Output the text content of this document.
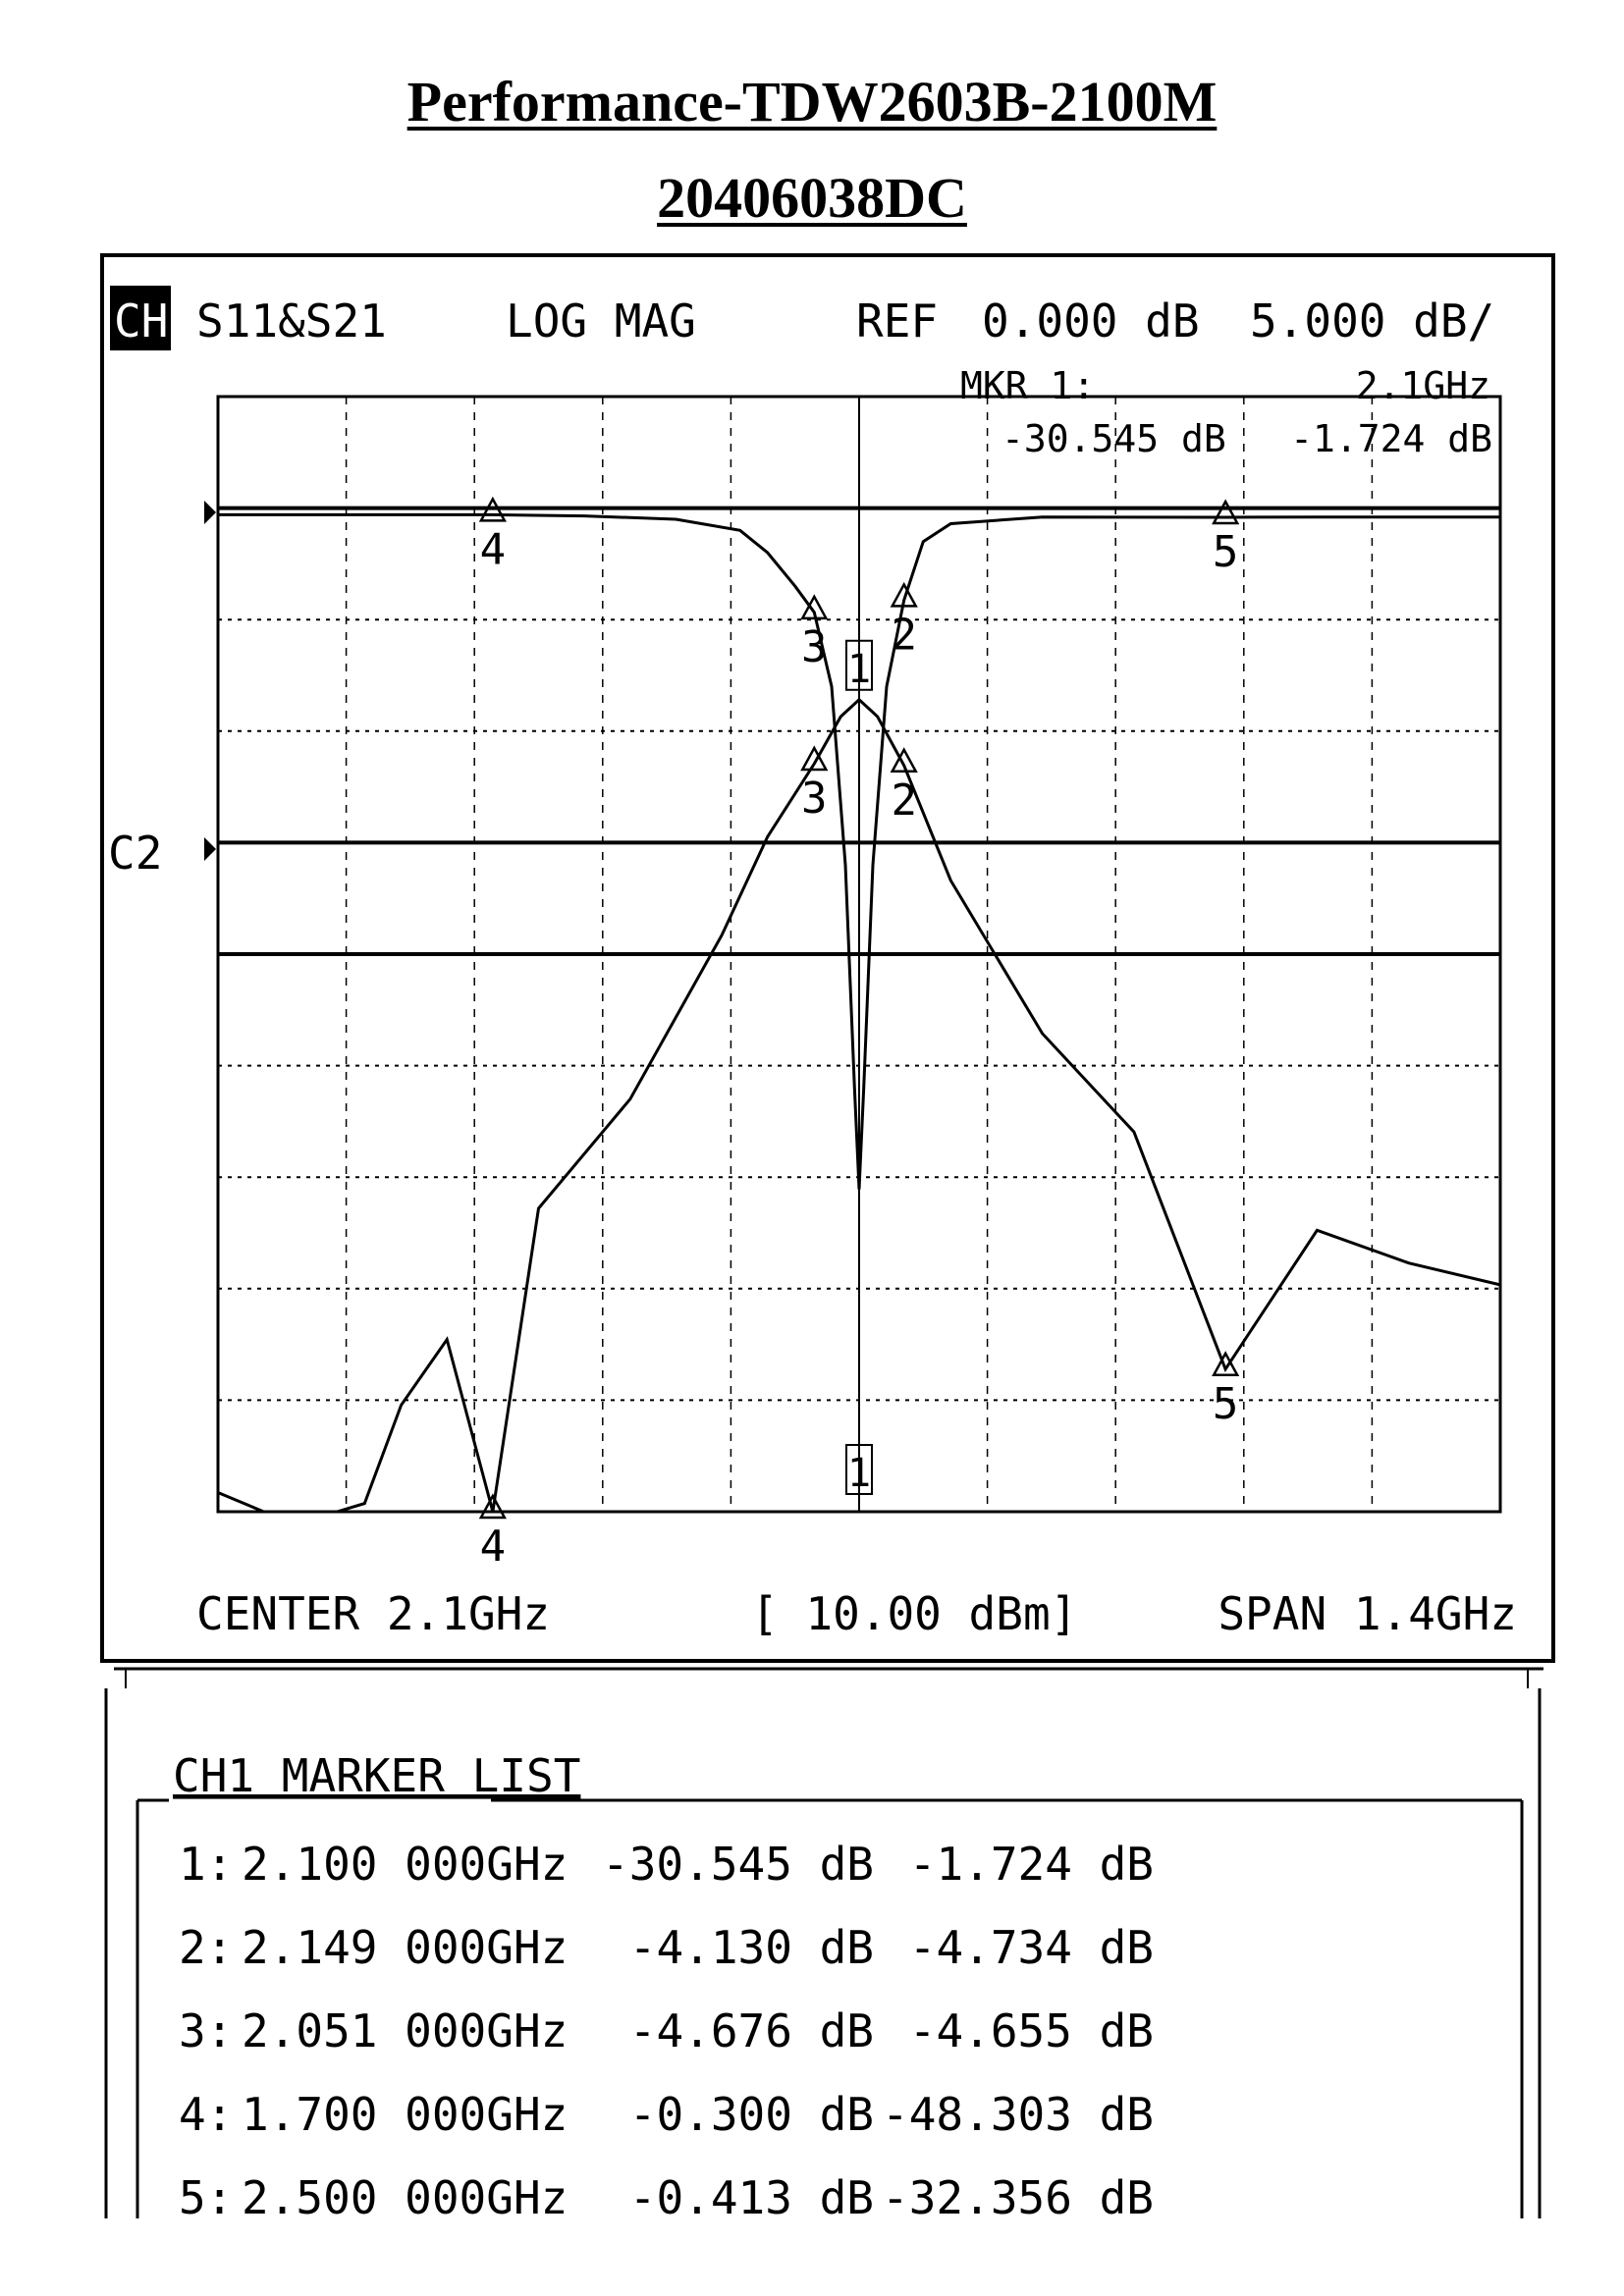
Performance-TDW2603B-2100M
20406038DC
CH1 S11&S21	LOG MAG	REF 0.000 dB 5.000 dB/
MKR 1:	2.1GHz
-30.545 dB -1.724 dB
C2
1
1
2
2
3
3
4
4
5
5
CENTER 2.1GHz	[ 10.00 dBm]	SPAN 1.4GHz
CH1 MARKER LIST
1: 2.100 000GHz -30.545 dB -1.724 dB
2: 2.149 000GHz -4.130 dB -4.734 dB
3: 2.051 000GHz -4.676 dB -4.655 dB
4: 1.700 000GHz -0.300 dB -48.303 dB
5: 2.500 000GHz -0.413 dB -32.356 dB
